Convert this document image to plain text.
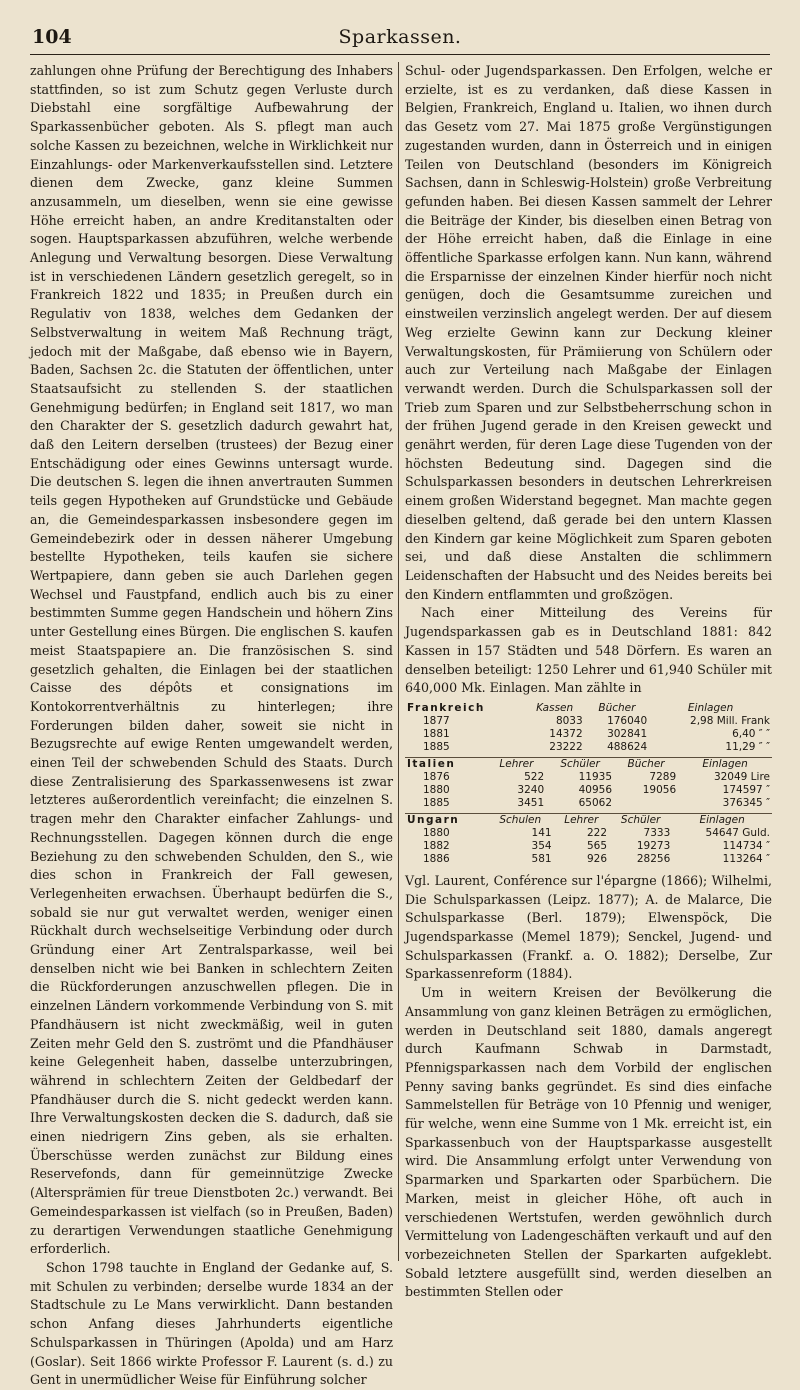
104	Sparkassen.

zahlungen ohne Prüfung der Berechtigung des Inhabers stattfinden, so ist zum Schutz gegen Verluste durch Diebstahl eine sorgfältige Aufbewahrung der Sparkassenbücher geboten. Als S. pflegt man auch solche Kassen zu bezeichnen, welche in Wirklichkeit nur Einzahlungs- oder Markenverkaufsstellen sind. Letztere dienen dem Zwecke, ganz kleine Summen anzusammeln, um dieselben, wenn sie eine gewisse Höhe erreicht haben, an andre Kreditanstalten oder sogen. Hauptsparkassen abzuführen, welche werbende Anlegung und Verwaltung besorgen. Diese Verwaltung ist in verschiedenen Ländern gesetzlich geregelt, so in Frankreich 1822 und 1835; in Preußen durch ein Regulativ von 1838, welches dem Gedanken der Selbstverwaltung in weitem Maß Rechnung trägt, jedoch mit der Maßgabe, daß ebenso wie in Bayern, Baden, Sachsen 2c. die Statuten der öffentlichen, unter Staatsaufsicht zu stellenden S. der staatlichen Genehmigung bedürfen; in England seit 1817, wo man den Charakter der S. gesetzlich dadurch gewahrt hat, daß den Leitern derselben (trustees) der Bezug einer Entschädigung oder eines Gewinns untersagt wurde. Die deutschen S. legen die ihnen anvertrauten Summen teils gegen Hypotheken auf Grundstücke und Gebäude an, die Gemeindesparkassen insbesondere gegen im Gemeindebezirk oder in dessen näherer Umgebung bestellte Hypotheken, teils kaufen sie sichere Wertpapiere, dann geben sie auch Darlehen gegen Wechsel und Faustpfand, endlich auch bis zu einer bestimmten Summe gegen Handschein und höhern Zins unter Gestellung eines Bürgen. Die englischen S. kaufen meist Staatspapiere an. Die französischen S. sind gesetzlich gehalten, die Einlagen bei der staatlichen Caisse des dépôts et consignations im Kontokorrentverhältnis zu hinterlegen; ihre Forderungen bilden daher, soweit sie nicht in Bezugsrechte auf ewige Renten umgewandelt werden, einen Teil der schwebenden Schuld des Staats. Durch diese Zentralisierung des Sparkassenwesens ist zwar letzteres außerordentlich vereinfacht; die einzelnen S. tragen mehr den Charakter einfacher Zahlungs- und Rechnungsstellen. Dagegen können durch die enge Beziehung zu den schwebenden Schulden, den S., wie dies schon in Frankreich der Fall gewesen, Verlegenheiten erwachsen. Überhaupt bedürfen die S., sobald sie nur gut verwaltet werden, weniger einen Rückhalt durch wechselseitige Verbindung oder durch Gründung einer Art Zentralsparkasse, weil bei denselben nicht wie bei Banken in schlechtern Zeiten die Rückforderungen anzuschwellen pflegen. Die in einzelnen Ländern vorkommende Verbindung von S. mit Pfandhäusern ist nicht zweckmäßig, weil in guten Zeiten mehr Geld den S. zuströmt und die Pfandhäuser keine Gelegenheit haben, dasselbe unterzubringen, während in schlechtern Zeiten der Geldbedarf der Pfandhäuser durch die S. nicht gedeckt werden kann. Ihre Verwaltungskosten decken die S. dadurch, daß sie einen niedrigern Zins geben, als sie erhalten. Überschüsse werden zunächst zur Bildung eines Reservefonds, dann für gemeinnützige Zwecke (Altersprämien für treue Dienstboten 2c.) verwandt. Bei Gemeindesparkassen ist vielfach (so in Preußen, Baden) zu derartigen Verwendungen staatliche Genehmigung erforderlich.

Schon 1798 tauchte in England der Gedanke auf, S. mit Schulen zu verbinden; derselbe wurde 1834 an der Stadtschule zu Le Mans verwirklicht. Dann bestanden schon Anfang dieses Jahrhunderts eigentliche Schulsparkassen in Thüringen (Apolda) und am Harz (Goslar). Seit 1866 wirkte Professor F. Laurent (s. d.) zu Gent in unermüdlicher Weise für Einführung solcher

Schul- oder Jugendsparkassen. Den Erfolgen, welche er erzielte, ist es zu verdanken, daß diese Kassen in Belgien, Frankreich, England u. Italien, wo ihnen durch das Gesetz vom 27. Mai 1875 große Vergünstigungen zugestanden wurden, dann in Österreich und in einigen Teilen von Deutschland (besonders im Königreich Sachsen, dann in Schleswig-Holstein) große Verbreitung gefunden haben. Bei diesen Kassen sammelt der Lehrer die Beiträge der Kinder, bis dieselben einen Betrag von der Höhe erreicht haben, daß die Einlage in eine öffentliche Sparkasse erfolgen kann. Nun kann, während die Ersparnisse der einzelnen Kinder hierfür noch nicht genügen, doch die Gesamtsumme zureichen und einstweilen verzinslich angelegt werden. Der auf diesem Weg erzielte Gewinn kann zur Deckung kleiner Verwaltungskosten, für Prämiierung von Schülern oder auch zur Verteilung nach Maßgabe der Einlagen verwandt werden. Durch die Schulsparkassen soll der Trieb zum Sparen und zur Selbstbeherrschung schon in der frühen Jugend gerade in den Kreisen geweckt und genährt werden, für deren Lage diese Tugenden von der höchsten Bedeutung sind. Dagegen sind die Schulsparkassen besonders in deutschen Lehrerkreisen einem großen Widerstand begegnet. Man machte gegen dieselben geltend, daß gerade bei den untern Klassen den Kindern gar keine Möglichkeit zum Sparen geboten sei, und daß diese Anstalten die schlimmern Leidenschaften der Habsucht und des Neides bereits bei den Kindern entflammten und großzögen.

Nach einer Mitteilung des Vereins für Jugendsparkassen gab es in Deutschland 1881: 842 Kassen in 157 Städten und 548 Dörfern. Es waren an denselben beteiligt: 1250 Lehrer und 61,940 Schüler mit 640,000 Mk. Einlagen. Man zählte in

Frankreich	Kassen	Bücher	Einlagen
1877	8033	176040	2,98 Mill. Frank
1881	14372	302841	6,40 ″ ″
1885	23222	488624	11,29 ″ ″
Italien	Lehrer	Schüler	Bücher	Einlagen
1876	522	11935	7289	32049 Lire
1880	3240	40956	19056	174597 ″
1885	3451	65062		376345 ″
Ungarn	Schulen	Lehrer	Schüler	Einlagen
1880	141	222	7333	54647 Guld.
1882	354	565	19273	114734 ″
1886	581	926	28256	113264 ″

Vgl. Laurent, Conférence sur l'épargne (1866); Wilhelmi, Die Schulsparkassen (Leipz. 1877); A. de Malarce, Die Schulsparkasse (Berl. 1879); Elwenspöck, Die Jugendsparkasse (Memel 1879); Senckel, Jugend- und Schulsparkassen (Frankf. a. O. 1882); Derselbe, Zur Sparkassenreform (1884).

Um in weitern Kreisen der Bevölkerung die Ansammlung von ganz kleinen Beträgen zu ermöglichen, werden in Deutschland seit 1880, damals angeregt durch Kaufmann Schwab in Darmstadt, Pfennigsparkassen nach dem Vorbild der englischen Penny saving banks gegründet. Es sind dies einfache Sammelstellen für Beträge von 10 Pfennig und weniger, für welche, wenn eine Summe von 1 Mk. erreicht ist, ein Sparkassenbuch von der Hauptsparkasse ausgestellt wird. Die Ansammlung erfolgt unter Verwendung von Sparmarken und Sparkarten oder Sparbüchern. Die Marken, meist in gleicher Höhe, oft auch in verschiedenen Wertstufen, werden gewöhnlich durch Vermittelung von Ladengeschäften verkauft und auf den vorbezeichneten Stellen der Sparkarten aufgeklebt. Sobald letztere ausgefüllt sind, werden dieselben an bestimmten Stellen oder
